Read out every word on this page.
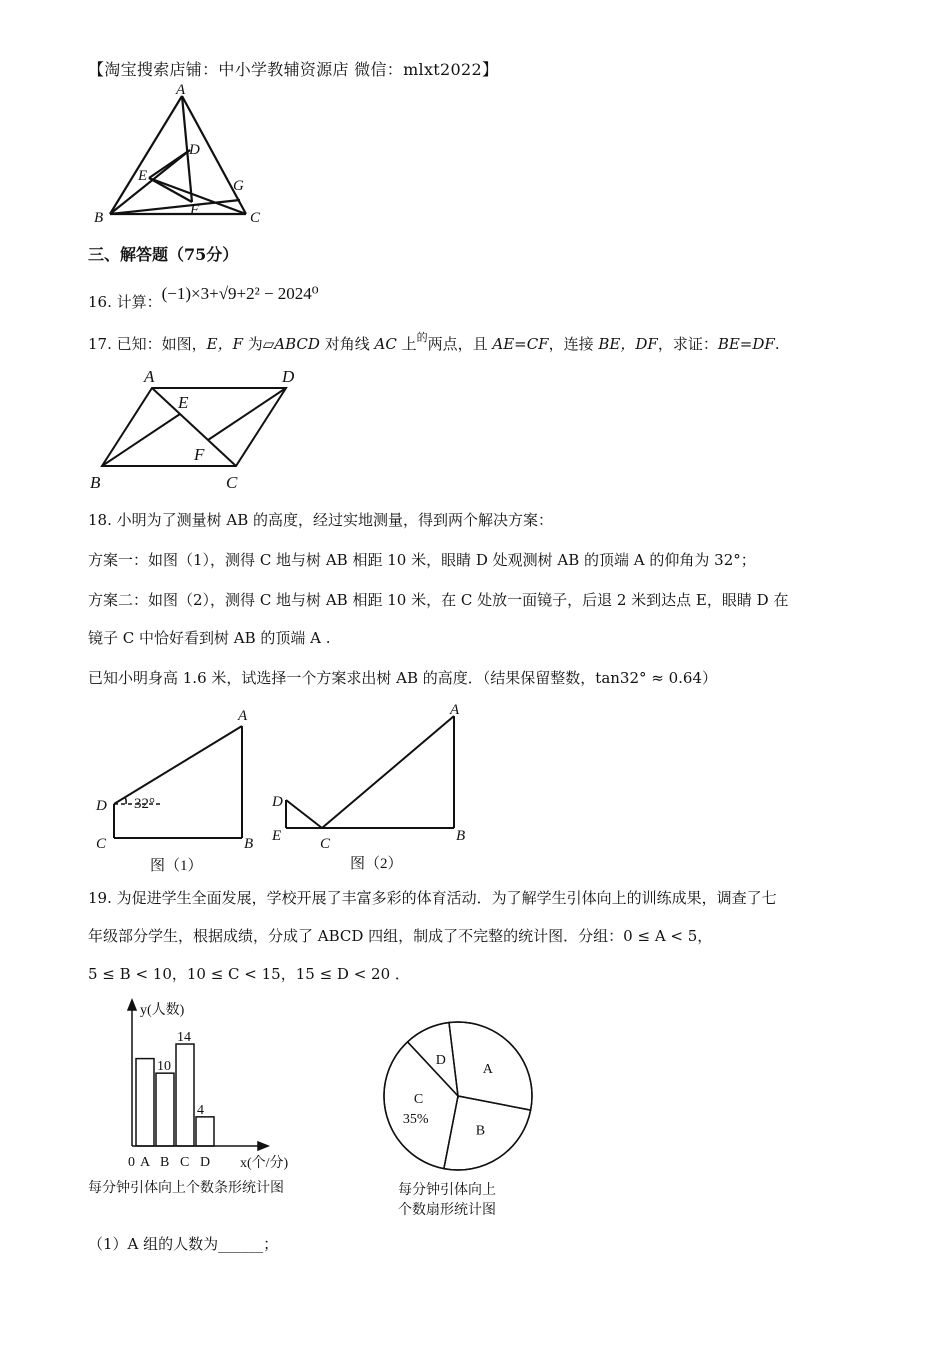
【淘宝搜索店铺：中小学教辅资源店 微信：mlxt2022】
A
D
E
G
B	F	C
三、解答题（75分）
16. 计算：(−1)×3+√9+2² − 2024⁰
17. 已知：如图，E，F 为▱ABCD 对角线 AC 上$^的$两点，且 AE=CF，连接 BE，DF，求证：BE=DF.
A	D
E
F
B	C
18. 小明为了测量树 AB 的高度，经过实地测量，得到两个解决方案：
方案一：如图（1），测得 C 地与树 AB 相距 10 米，眼睛 D 处观测树 AB 的顶端 A 的仰角为 32°；
方案二：如图（2），测得 C 地与树 AB 相距 10 米，在 C 处放一面镜子，后退 2 米到达点 E，眼睛 D 在
镜子 C 中恰好看到树 AB 的顶端 A .
已知小明身高 1.6 米，试选择一个方案求出树 AB 的高度．（结果保留整数，tan32° ≈ 0.64）
A
D 32°
C	B
图（1）
A
D
E	C	B
图（2）
19. 为促进学生全面发展，学校开展了丰富多彩的体育活动．为了解学生引体向上的训练成果，调查了七
年级部分学生，根据成绩，分成了 ABCD 四组，制成了不完整的统计图．分组：0 ≤ A < 5，
5 ≤ B < 10，10 ≤ C < 15，15 ≤ D < 20 ．
A
10
B
14
C
4
D
y(人数)
x(个/分)
0
每分钟引体向上个数条形统计图
A
B
C
35%
D
每分钟引体向上
个数扇形统计图
（1）A 组的人数为______；
